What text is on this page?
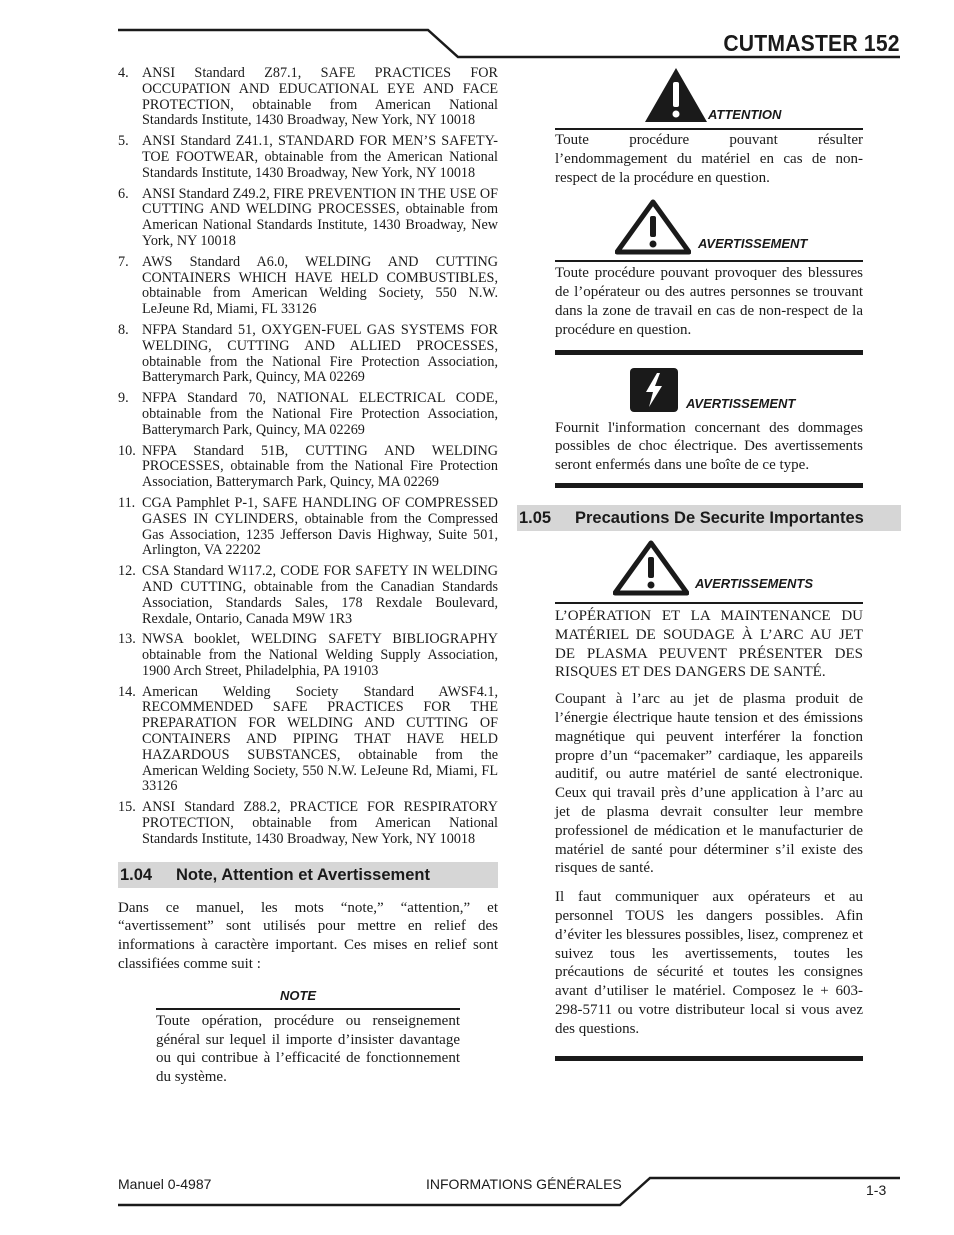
CUTMASTER 152
4. ANSI Standard Z87.1, SAFE PRACTICES FOR OCCUPATION AND EDUCATIONAL EYE AND FACE PROTECTION, obtainable from American National Standards Institute, 1430 Broadway, New York, NY 10018
5. ANSI Standard Z41.1, STANDARD FOR MEN’S SAFETY-TOE FOOTWEAR, obtainable from the American National Standards Institute, 1430 Broadway, New York, NY 10018
6. ANSI Standard Z49.2, FIRE PREVENTION IN THE USE OF CUTTING AND WELDING PROCESSES, obtainable from American National Standards Institute, 1430 Broadway, New York, NY 10018
7. AWS Standard A6.0, WELDING AND CUTTING CONTAINERS WHICH HAVE HELD COMBUSTIBLES, obtainable from American Welding Society, 550 N.W. LeJeune Rd, Miami, FL 33126
8. NFPA Standard 51, OXYGEN-FUEL GAS SYSTEMS FOR WELDING, CUTTING AND ALLIED PROCESSES, obtainable from the National Fire Protection Association, Batterymarch Park, Quincy, MA 02269
9. NFPA Standard 70, NATIONAL ELECTRICAL CODE, obtainable from the National Fire Protection Association, Batterymarch Park, Quincy, MA 02269
10. NFPA Standard 51B, CUTTING AND WELDING PROCESSES, obtainable from the National Fire Protection Association, Batterymarch Park, Quincy, MA 02269
11. CGA Pamphlet P-1, SAFE HANDLING OF COMPRESSED GASES IN CYLINDERS, obtainable from the Compressed Gas Association, 1235 Jefferson Davis Highway, Suite 501, Arlington, VA 22202
12. CSA Standard W117.2, CODE FOR SAFETY IN WELDING AND CUTTING, obtainable from the Canadian Standards Association, Standards Sales, 178 Rexdale Boulevard, Rexdale, Ontario, Canada M9W 1R3
13. NWSA booklet, WELDING SAFETY BIBLIOGRAPHY obtainable from the National Welding Supply Association, 1900 Arch Street, Philadelphia, PA 19103
14. American Welding Society Standard AWSF4.1, RECOMMENDED SAFE PRACTICES FOR THE PREPARATION FOR WELDING AND CUTTING OF CONTAINERS AND PIPING THAT HAVE HELD HAZARDOUS SUBSTANCES, obtainable from the American Welding Society, 550 N.W. LeJeune Rd, Miami, FL 33126
15. ANSI Standard Z88.2, PRACTICE FOR RESPIRATORY PROTECTION, obtainable from American National Standards Institute, 1430 Broadway, New York, NY 10018
1.04 Note, Attention et Avertissement

Dans ce manuel, les mots “note,” “attention,” et “avertissement” sont utilisés pour mettre en relief des informations à caractère important. Ces mises en relief sont classifiées comme suit :

NOTE

Toute opération, procédure ou renseignement général sur lequel il importe d’insister davantage ou qui contribue à l’efficacité de fonctionnement du système.

ATTENTION

Toute procédure pouvant résulter l’endommagement du matériel en cas de non-respect de la procédure en question.

AVERTISSEMENT

Toute procédure pouvant provoquer des blessures de l’opérateur ou des autres personnes se trouvant dans la zone de travail en cas de non-respect de la procédure en question.

AVERTISSEMENT

Fournit l'information concernant des dommages possibles de choc électrique. Des avertissements seront enfermés dans une boîte de ce type.

1.05 Precautions De Securite Importantes
AVERTISSEMENTS

L’OPÉRATION ET LA MAINTENANCE DU MATÉRIEL DE SOUDAGE À L’ARC AU JET DE PLASMA PEUVENT PRÉSENTER DES RISQUES ET DES DANGERS DE SANTÉ.

Coupant à l’arc au jet de plasma produit de l’énergie électrique haute tension et des émissions magnétique qui peuvent interférer la fonction propre d’un “pacemaker” cardiaque, les appareils auditif, ou autre matériel de santé electronique. Ceux qui travail près d’une application à l’arc au jet de plasma devrait consulter leur membre professionel de médication et le manufacturier de matériel de santé pour déterminer s’il existe des risques de santé.

Il faut communiquer aux opérateurs et au personnel TOUS les dangers possibles. Afin d’éviter les blessures possibles, lisez, comprenez et suivez tous les avertissements, toutes les précautions de sécurité et toutes les consignes avant d’utiliser le matériel. Composez le + 603-298-5711 ou votre distributeur local si vous avez des questions.

Manuel 0-4987	INFORMATIONS GÉNÉRALES	1-3
